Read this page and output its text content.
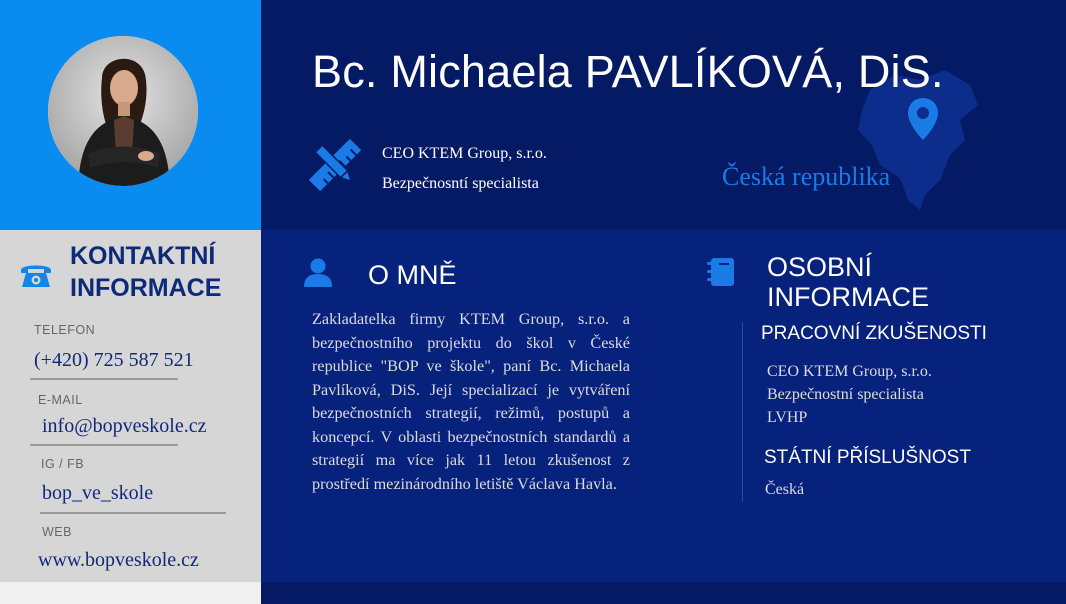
KONTAKTNÍ
INFORMACE
TELEFON
(+420) 725 587 521
E-MAIL
info@bopveskole.cz
IG / FB
bop_ve_skole
WEB
www.bopveskole.cz
Bc. Michaela PAVLÍKOVÁ, DiS.
CEO KTEM Group, s.r.o.
Bezpečnosntí specialista	Česká republika
O MNĚ
Zakladatelka firmy KTEM Group, s.r.o. a bezpečnostního projektu do škol v České republice "BOP ve škole", paní Bc. Michaela Pavlíková, DiS. Její specializací je vytváření bezpečnostních strategií, režimů, postupů a koncepcí. V oblasti bezpečnostních standardů a strategií ma více jak 11 letou zkušenost z prostředí mezinárodního letiště Václava Havla.
OSOBNÍ
INFORMACE
PRACOVNÍ ZKUŠENOSTI
CEO KTEM Group, s.r.o.
Bezpečnostní specialista
LVHP
STÁTNÍ PŘÍSLUŠNOST
Česká
